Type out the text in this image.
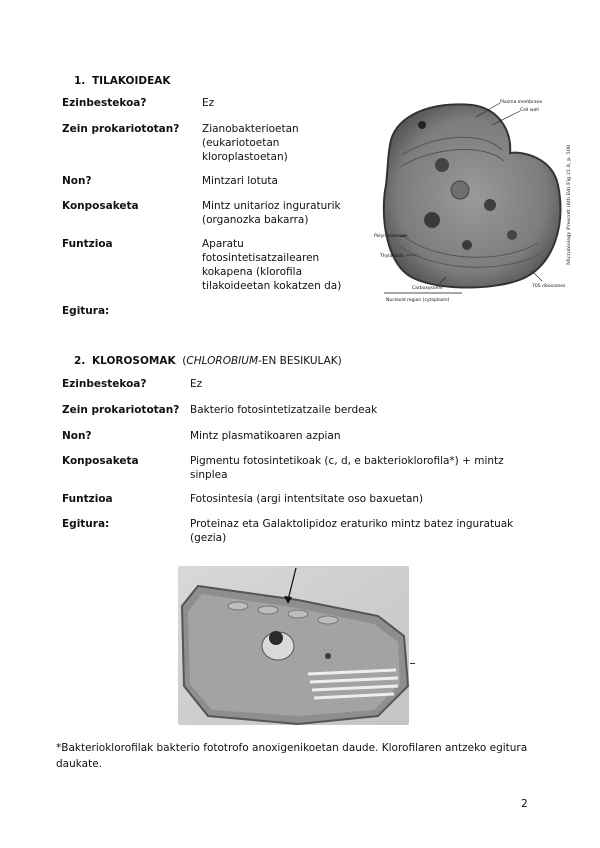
1. TILAKOIDEAK
Ezinbestekoa?	Ez
Zein prokariototan? Zianobakterioetan (eukariotoetan kloroplastoetan)
Non?	Mintzari lotuta
Konposaketa	Mintz unitarioz inguraturik (organozka bakarra)
Funtzioa	Aparatu fotosintetisatzailearen kokapena (klorofila tilakoideetan kokatzen da)
Egitura:
Plasma membrane
Cell wall
Polyribosomes
Thylakoids
Carboxysome	70S ribosomes
Nucleoid region (cytoplasm)
Microbiology Prescott (6th Ed) Fig 21.8, p. 508
2. KLOROSOMAK (CHLOROBIUM-EN BESIKULAK)
Ezinbestekoa?	Ez
Zein prokariototan? Bakterio fotosintetizatzaile berdeak
Non?	Mintz plasmatikoaren azpian
Konposaketa	Pigmentu fotosintetikoak (c, d, e bakterioklorofila*) + mintz sinplea
Funtzioa	Fotosintesia (argi intentsitate oso baxuetan)
Egitura:	Proteinaz eta Galaktolipidoz eraturiko mintz batez inguratuak (gezia)
*Bakterioklorofilak bakterio fototrofo anoxigenikoetan daude. Klorofilaren antzeko egitura daukate.
2
